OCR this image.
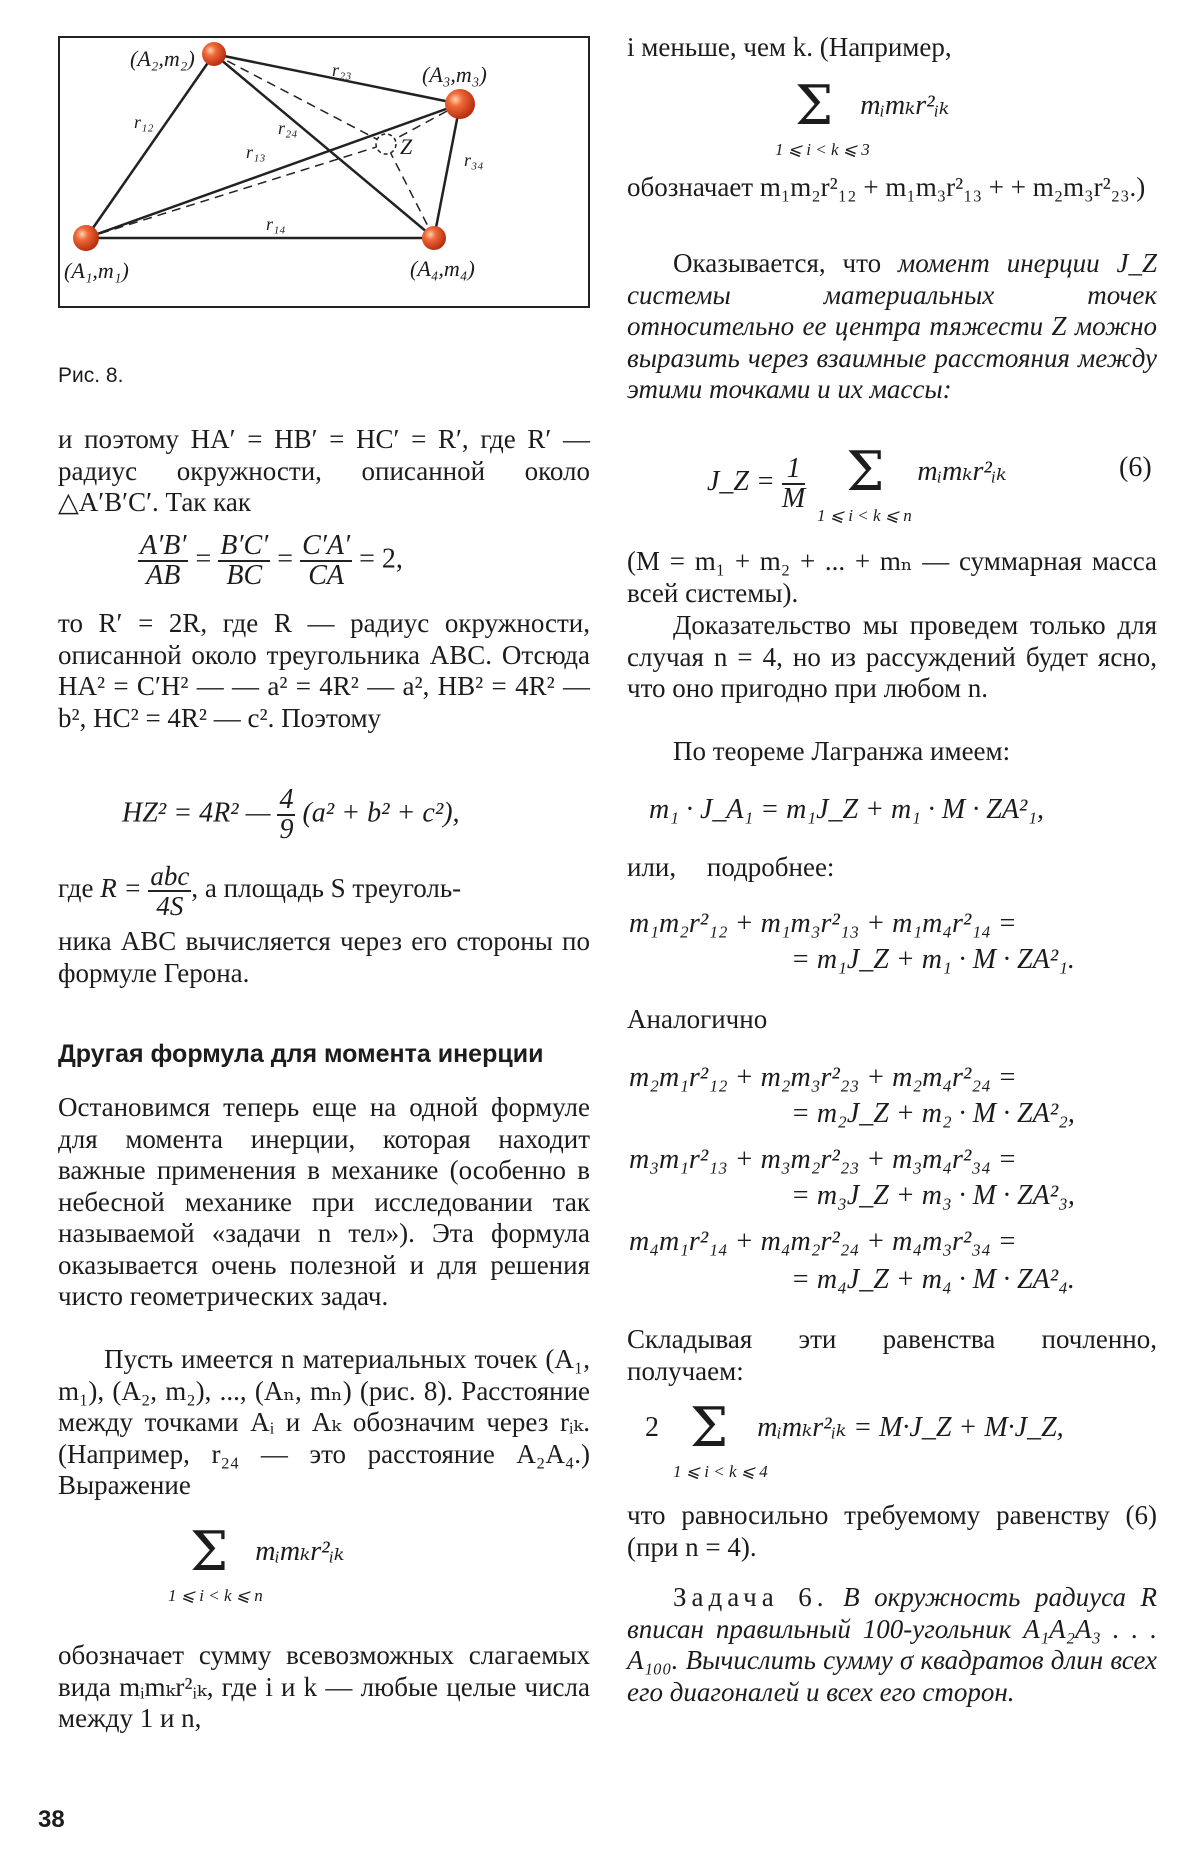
(A₂,m₂)
(A₃,m₃)
(A₁,m₁)	(A₄,m₄)
r₁₂
r₂₃
r₂₄
r₁₃	r₃₄
r₁₄
Z
Рис. 8.

и поэтому HA′ = HB′ = HC′ = R′, где R′ — радиус окружности, описанной около △A′B′C′. Так как

$\frac{A'B'}{AB} = \frac{B'C'}{BC} = \frac{C'A'}{CA} = 2$,

то R′ = 2R, где R — радиус окружности, описанной около треугольника ABC. Отсюда HA² = C′H² — — a² = 4R² — a², HB² = 4R² — b², HC² = 4R² — c². Поэтому

HZ² = 4R² — $\frac{4}{9} (a^2 + b^2 + c^2)$,
где $R = \frac{\text{abc}}{4S}$ , а площадь S треуголь-

ника ABC вычисляется через его стороны по формуле Герона.

Другая формула для момента инерции

Остановимся теперь еще на одной формуле для момента инерции, которая находит важные применения в механике (особенно в небесной механике при исследовании так называемой «задачи n тел»). Эта формула оказывается очень полезной и для решения чисто геометрических задач.

Пусть имеется n материальных точек (A₁, m₁), (A₂, m₂), ..., (Aₙ, mₙ) (рис. 8). Расстояние между точками Aᵢ и Aₖ обозначим через rᵢₖ. (Например, r₂₄ — это расстояние A₂A₄.) Выражение

Σ mᵢmₖr²ᵢₖ
1 ⩽ i < k ⩽ n

обозначает сумму всевозможных слагаемых вида mᵢmₖr²ᵢₖ, где i и k — любые целые числа между 1 и n,

i меньше, чем k. (Например,

Σ mᵢmₖr²ᵢₖ
1 ⩽ i < k ⩽ 3

обозначает m₁m₂r²₁₂ + m₁m₃r²₁₃ + + m₂m₃r²₂₃.)

Оказывается, что момент инерции J_Z системы материальных точек относительно ее центра тяжести Z можно выразить через взаимные расстояния между этими точками и их массы:

J_Z = $\frac{1}{M}$ Σ mᵢmₖr²ᵢₖ
1 ⩽ i < k ⩽ n
(6)

(M = m₁ + m₂ + ... + mₙ — суммарная масса всей системы).

Доказательство мы проведем только для случая n = 4, но из рассуждений будет ясно, что оно пригодно при любом n.

По теореме Лагранжа имеем:

m₁ · J_A₁ = m₁J_Z + m₁ · M · ZA²₁,

или, подробнее:

m₁m₂r²₁₂ + m₁m₃r²₁₃ + m₁m₄r²₁₄ =
= m₁J_Z + m₁ · M · ZA²₁.

Аналогично

m₂m₁r²₁₂ + m₂m₃r²₂₃ + m₂m₄r²₂₄ =
= m₂J_Z + m₂ · M · ZA²₂,
m₃m₁r²₁₃ + m₃m₂r²₂₃ + m₃m₄r²₃₄ =
= m₃J_Z + m₃ · M · ZA²₃,
m₄m₁r²₁₄ + m₄m₂r²₂₄ + m₄m₃r²₃₄ =
= m₄J_Z + m₄ · M · ZA²₄.

Складывая эти равенства почленно, получаем:

2 Σ mᵢmₖr²ᵢₖ = M·J_Z + M·J_Z,
1 ⩽ i < k ⩽ 4

что равносильно требуемому равенству (6) (при n = 4).

Задача 6. В окружность радиуса R вписан правильный 100-угольник A₁A₂A₃ . . . A₁₀₀. Вычислить сумму σ квадратов длин всех его диагоналей и всех его сторон.

38
